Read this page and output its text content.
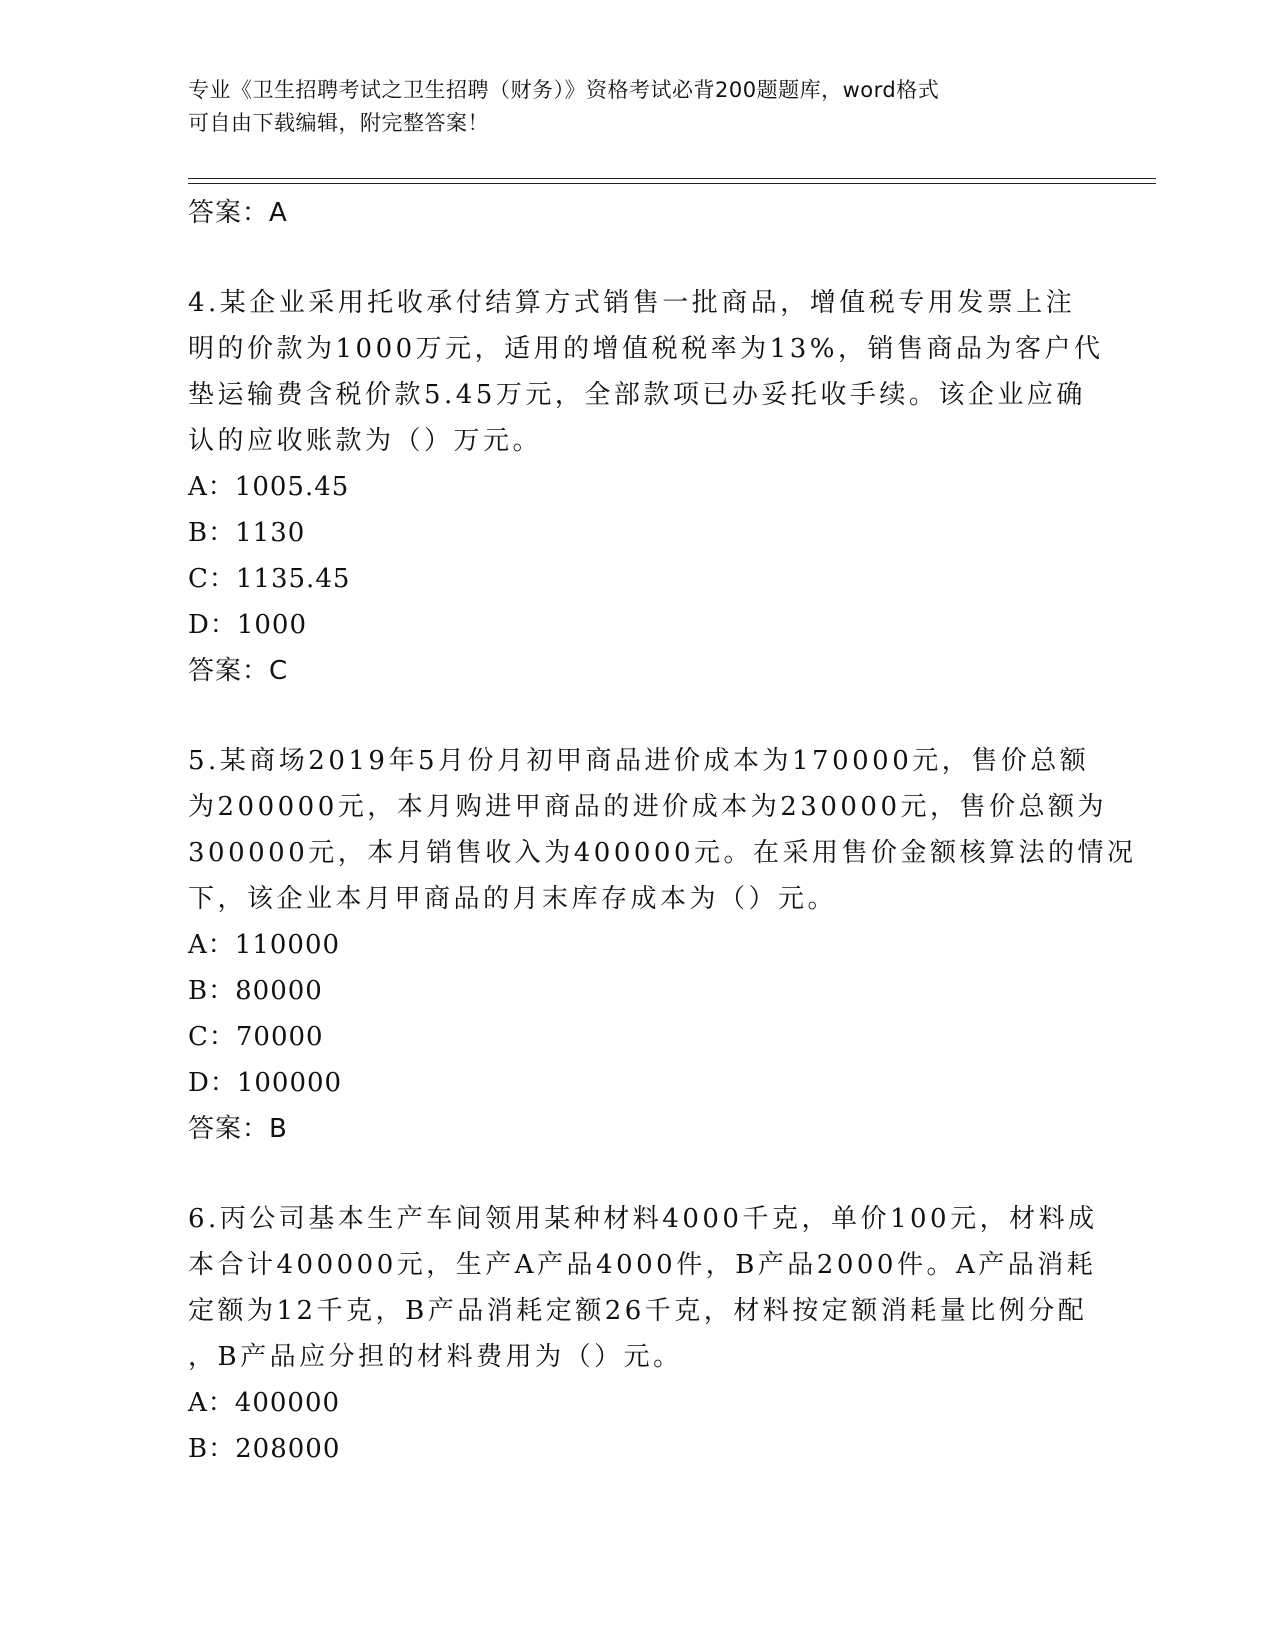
专业《卫生招聘考试之卫生招聘（财务）》资格考试必背200题题库，word格式
可自由下载编辑，附完整答案！
答案：A
4.某企业采用托收承付结算方式销售一批商品，增值税专用发票上注
明的价款为1000万元，适用的增值税税率为13%，销售商品为客户代
垫运输费含税价款5.45万元，全部款项已办妥托收手续。该企业应确
认的应收账款为（）万元。
A：1005.45
B：1130
C：1135.45
D：1000
答案：C
5.某商场2019年5月份月初甲商品进价成本为170000元，售价总额
为200000元，本月购进甲商品的进价成本为230000元，售价总额为
300000元，本月销售收入为400000元。在采用售价金额核算法的情况
下，该企业本月甲商品的月末库存成本为（）元。
A：110000
B：80000
C：70000
D：100000
答案：B
6.丙公司基本生产车间领用某种材料4000千克，单价100元，材料成
本合计400000元，生产A产品4000件，B产品2000件。A产品消耗
定额为12千克，B产品消耗定额26千克，材料按定额消耗量比例分配
，B产品应分担的材料费用为（）元。
A：400000
B：208000
